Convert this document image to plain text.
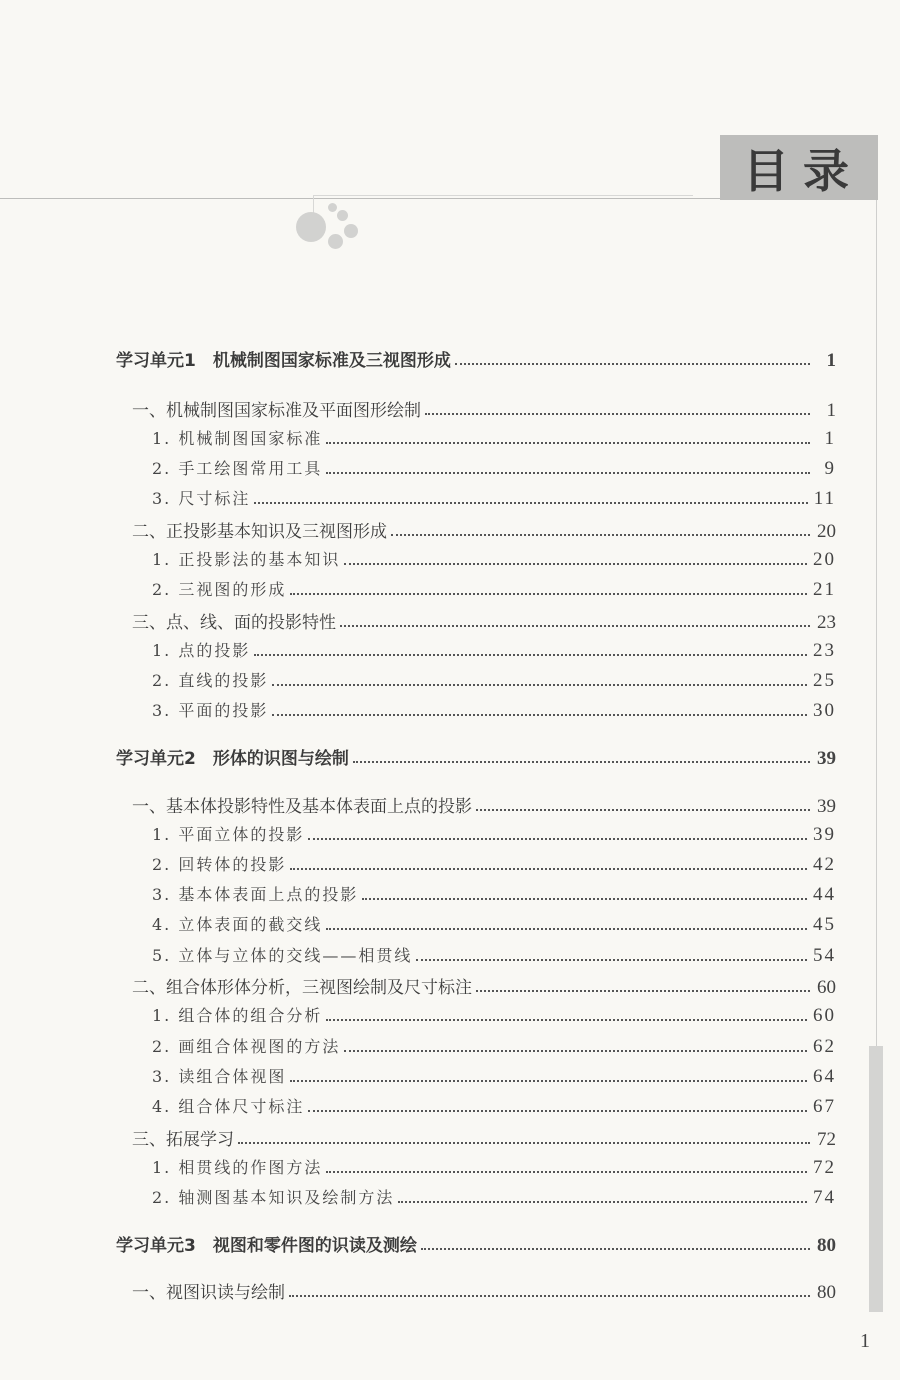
目录
学习单元1　机械制图国家标准及三视图形成	1
一、机械制图国家标准及平面图形绘制	1
1. 机械制图国家标准	1
2. 手工绘图常用工具	9
3. 尺寸标注	11
二、正投影基本知识及三视图形成	20
1. 正投影法的基本知识	20
2. 三视图的形成	21
三、点、线、面的投影特性	23
1. 点的投影	23
2. 直线的投影	25
3. 平面的投影	30
学习单元2　形体的识图与绘制	39
一、基本体投影特性及基本体表面上点的投影	39
1. 平面立体的投影	39
2. 回转体的投影	42
3. 基本体表面上点的投影	44
4. 立体表面的截交线	45
5. 立体与立体的交线——相贯线	54
二、组合体形体分析，三视图绘制及尺寸标注	60
1. 组合体的组合分析	60
2. 画组合体视图的方法	62
3. 读组合体视图	64
4. 组合体尺寸标注	67
三、拓展学习	72
1. 相贯线的作图方法	72
2. 轴测图基本知识及绘制方法	74
学习单元3　视图和零件图的识读及测绘	80
一、视图识读与绘制	80
1
